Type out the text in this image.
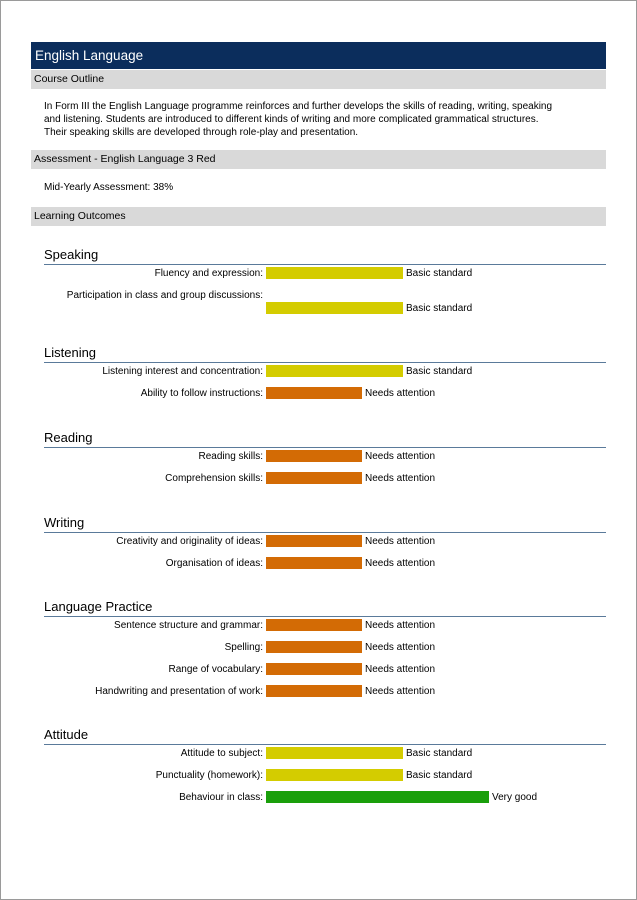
English Language
Course Outline
In Form III the English Language programme reinforces and further develops the skills of reading, writing, speaking
and listening. Students are introduced to different kinds of writing and more complicated grammatical structures.
Their speaking skills are developed through role-play and presentation.
Assessment - English Language 3 Red
Mid-Yearly Assessment: 38%
Learning Outcomes
Speaking
Fluency and expression:	Basic standard
Participation in class and group discussions:
Basic standard
Listening
Listening interest and concentration:	Basic standard
Ability to follow instructions:	Needs attention
Reading
Reading skills:	Needs attention
Comprehension skills:	Needs attention
Writing
Creativity and originality of ideas:	Needs attention
Organisation of ideas:	Needs attention
Language Practice
Sentence structure and grammar:	Needs attention
Spelling:	Needs attention
Range of vocabulary:	Needs attention
Handwriting and presentation of work:	Needs attention
Attitude
Attitude to subject:	Basic standard
Punctuality (homework):	Basic standard
Behaviour in class:	Very good
